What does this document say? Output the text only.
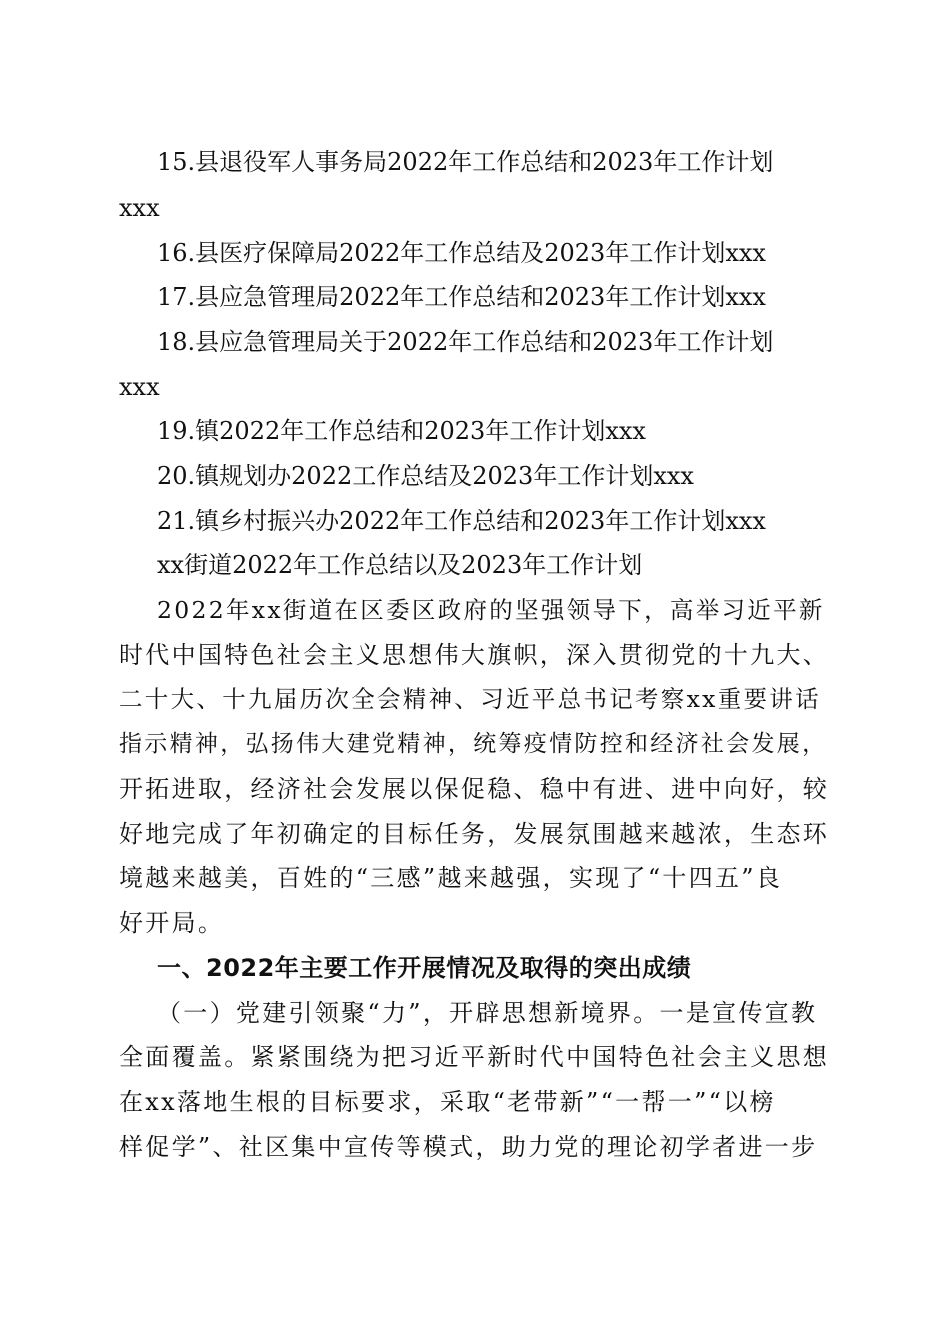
15.县退役军人事务局2022年工作总结和2023年工作计划
xxx
16.县医疗保障局2022年工作总结及2023年工作计划xxx
17.县应急管理局2022年工作总结和2023年工作计划xxx
18.县应急管理局关于2022年工作总结和2023年工作计划
xxx
19.镇2022年工作总结和2023年工作计划xxx
20.镇规划办2022工作总结及2023年工作计划xxx
21.镇乡村振兴办2022年工作总结和2023年工作计划xxx
xx街道2022年工作总结以及2023年工作计划
2022年xx街道在区委区政府的坚强领导下，高举习近平新
时代中国特色社会主义思想伟大旗帜，深入贯彻党的十九大、
二十大、十九届历次全会精神、习近平总书记考察xx重要讲话
指示精神，弘扬伟大建党精神，统筹疫情防控和经济社会发展，
开拓进取，经济社会发展以保促稳、稳中有进、进中向好，较
好地完成了年初确定的目标任务，发展氛围越来越浓，生态环
境越来越美，百姓的“三感”越来越强，实现了“十四五”良
好开局。
一、2022年主要工作开展情况及取得的突出成绩
（一）党建引领聚“力”，开辟思想新境界。一是宣传宣教
全面覆盖。紧紧围绕为把习近平新时代中国特色社会主义思想
在xx落地生根的目标要求，采取“老带新”“一帮一”“以榜
样促学”、社区集中宣传等模式，助力党的理论初学者进一步
